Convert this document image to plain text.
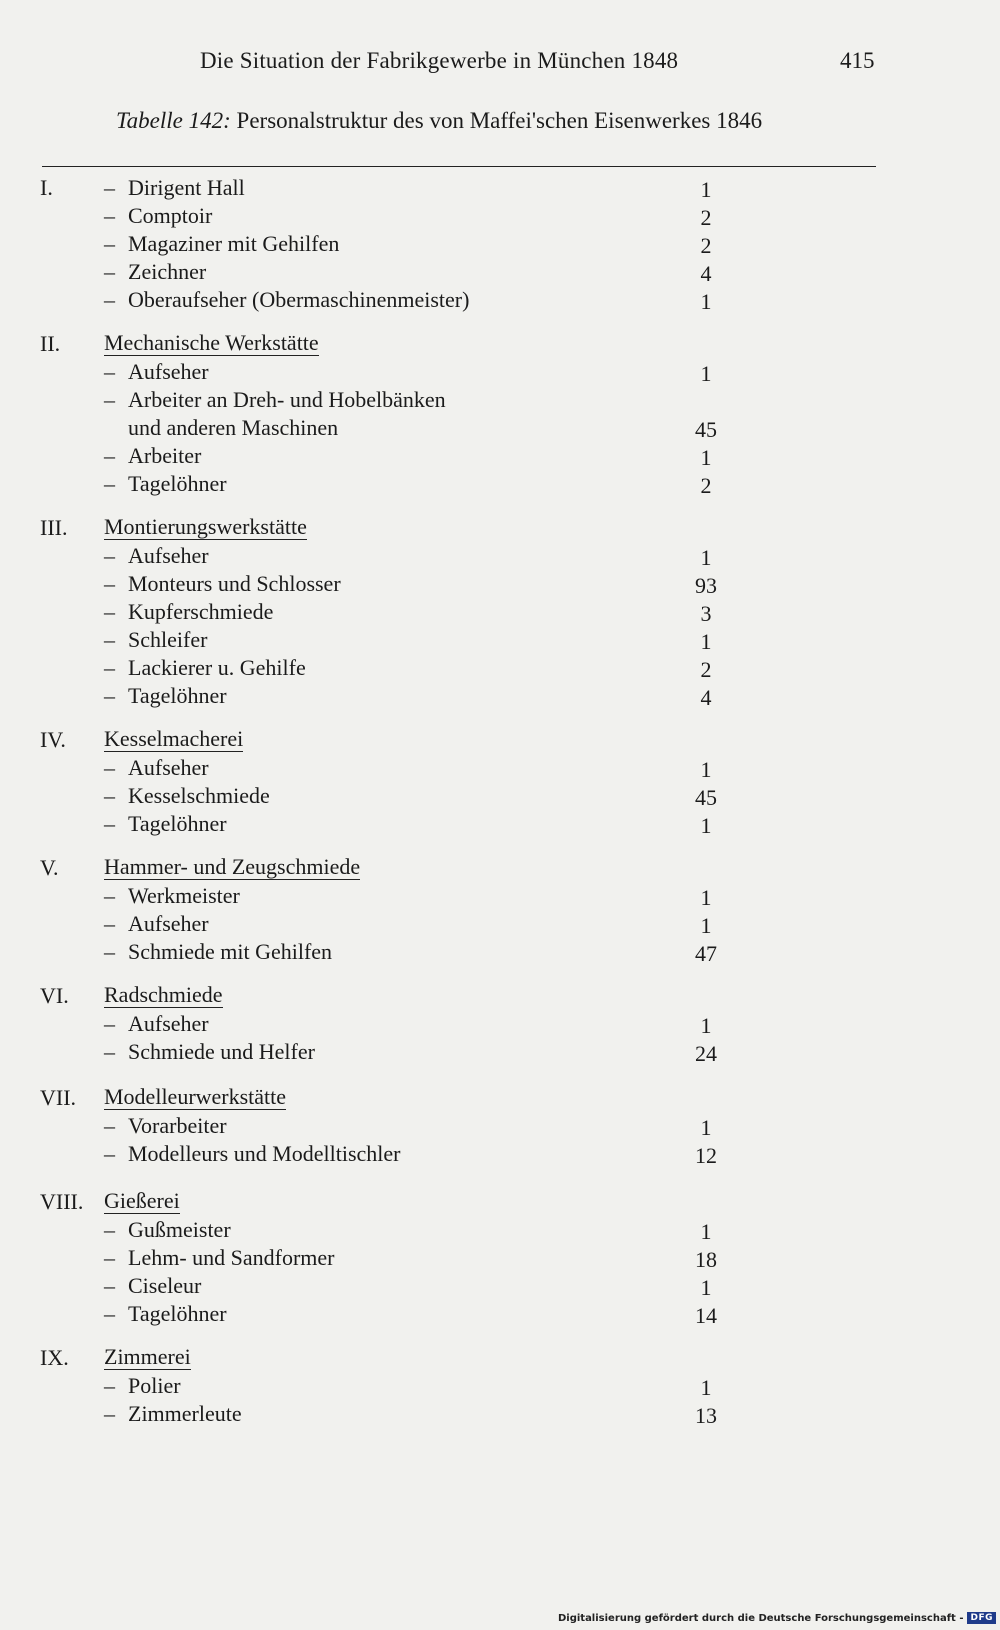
Die Situation der Fabrikgewerbe in München 1848	415
Tabelle 142: Personalstruktur des von Maffei'schen Eisenwerkes 1846
I. – Dirigent Hall	1
– Comptoir	2
– Magaziner mit Gehilfen	2
– Zeichner	4
– Oberaufseher (Obermaschinenmeister)	1
II. Mechanische Werkstätte
– Aufseher	1
– Arbeiter an Dreh- und Hobelbänken
und anderen Maschinen	45
– Arbeiter	1
– Tagelöhner	2
III. Montierungswerkstätte
– Aufseher	1
– Monteurs und Schlosser	93
– Kupferschmiede	3
– Schleifer	1
– Lackierer u. Gehilfe	2
– Tagelöhner	4
IV. Kesselmacherei
– Aufseher	1
– Kesselschmiede	45
– Tagelöhner	1
V. Hammer- und Zeugschmiede
– Werkmeister	1
– Aufseher	1
– Schmiede mit Gehilfen	47
VI. Radschmiede
– Aufseher	1
– Schmiede und Helfer	24
VII. Modelleurwerkstätte
– Vorarbeiter	1
– Modelleurs und Modelltischler	12
VIII. Gießerei
– Gußmeister	1
– Lehm- und Sandformer	18
– Ciseleur	1
– Tagelöhner	14
IX. Zimmerei
– Polier	1
– Zimmerleute	13
Digitalisierung gefördert durch die Deutsche Forschungsgemeinschaft - DFG
